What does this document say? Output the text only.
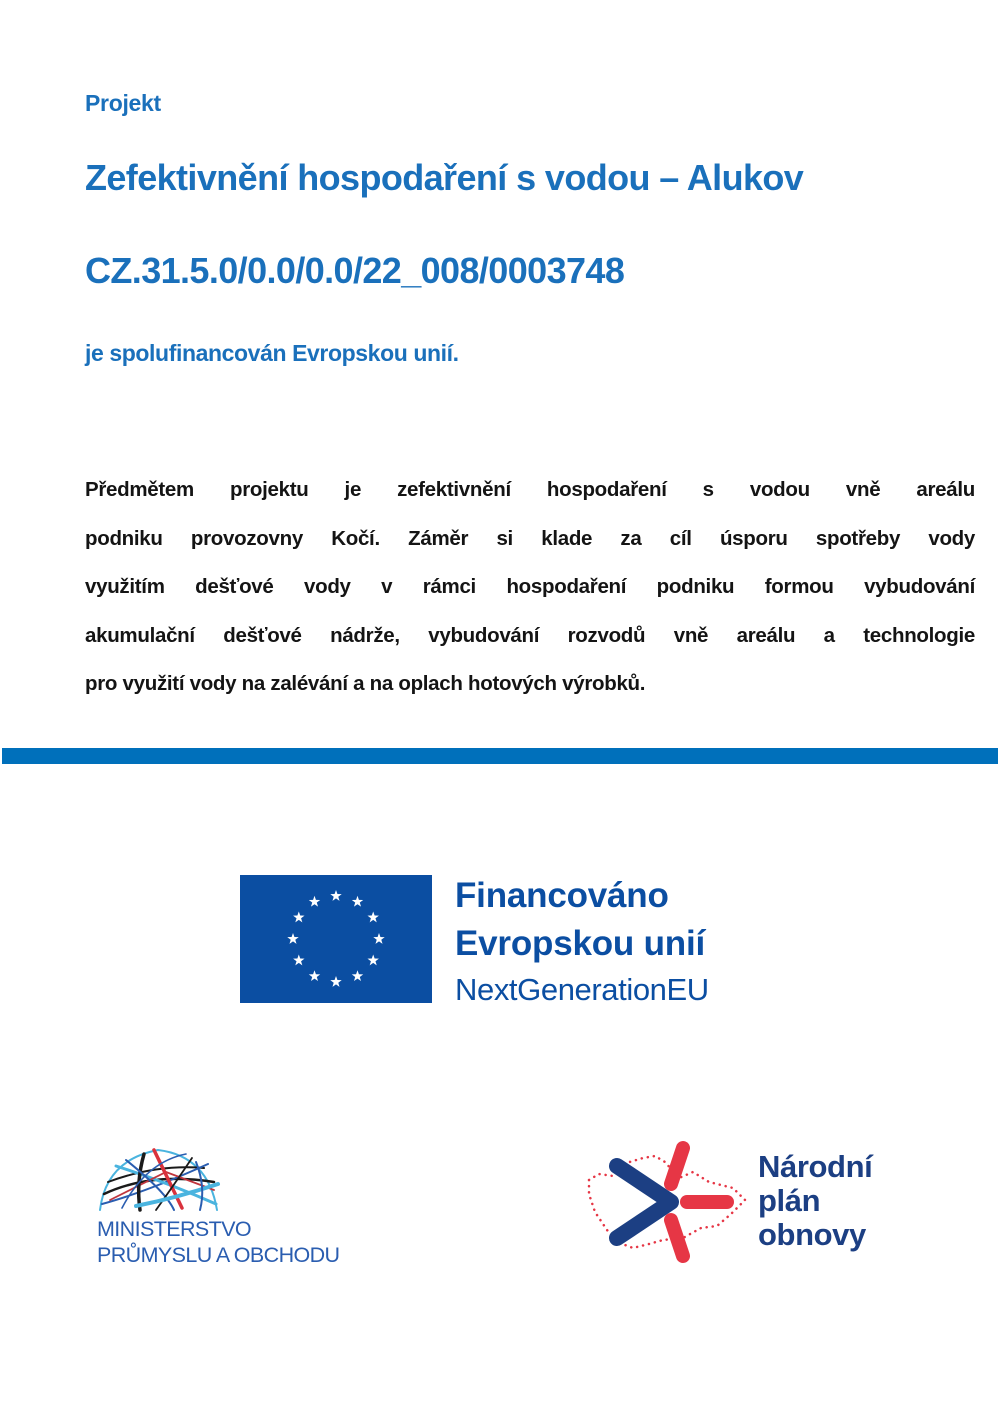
Projekt
Zefektivnění hospodaření s vodou – Alukov
CZ.31.5.0/0.0/0.0/22_008/0003748
je spolufinancován Evropskou unií.
Předmětem projektu je zefektivnění hospodaření s vodou vně areálu
podniku provozovny Kočí. Záměr si klade za cíl úsporu spotřeby vody
využitím dešťové vody v rámci hospodaření podniku formou vybudování
akumulační dešťové nádrže, vybudování rozvodů vně areálu a technologie
pro využití vody na zalévání a na oplach hotových výrobků.
Financováno
Evropskou unií
NextGenerationEU
MINISTERSTVO
PRŮMYSLU A OBCHODU
Národní
plán
obnovy
